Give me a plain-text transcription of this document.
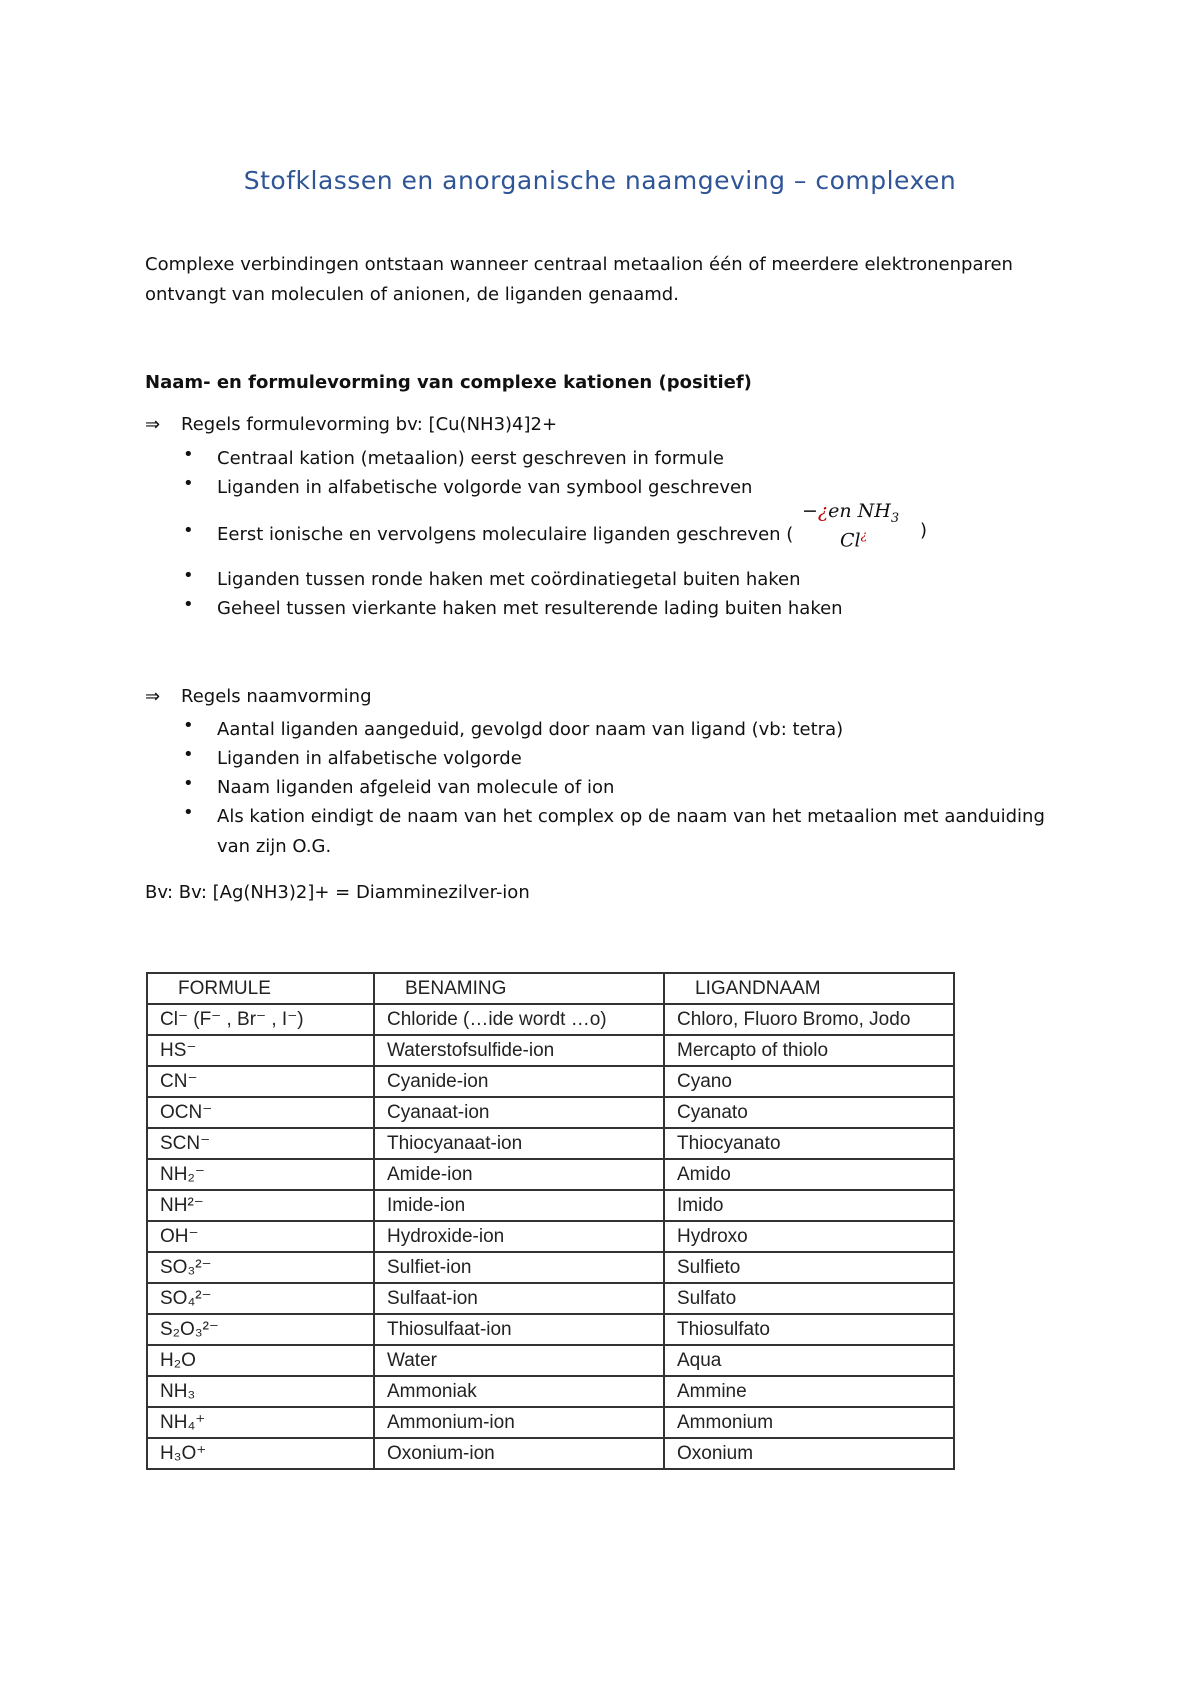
Stofklassen en anorganische naamgeving – complexen
Complexe verbindingen ontstaan wanneer centraal metaalion één of meerdere elektronenparen ontvangt van moleculen of anionen, de liganden genaamd.
Naam- en formulevorming van complexe kationen (positief)
⇒ Regels formulevorming bv: [Cu(NH3)4]2+
• Centraal kation (metaalion) eerst geschreven in formule
• Liganden in alfabetische volgorde van symbool geschreven
• Eerst ionische en vervolgens moleculaire liganden geschreven (	)
−¿en $NH_3$
Cl¿
• Liganden tussen ronde haken met coördinatiegetal buiten haken
• Geheel tussen vierkante haken met resulterende lading buiten haken
⇒ Regels naamvorming
• Aantal liganden aangeduid, gevolgd door naam van ligand (vb: tetra)
• Liganden in alfabetische volgorde
• Naam liganden afgeleid van molecule of ion
• Als kation eindigt de naam van het complex op de naam van het metaalion met aanduiding van zijn O.G.
Bv: Bv: [Ag(NH3)2]+ = Diamminezilver-ion
FORMULE	BENAMING	LIGANDNAAM
Cl⁻ (F⁻ , Br⁻ , I⁻)	Chloride (…ide wordt …o)	Chloro, Fluoro Bromo, Jodo
HS⁻	Waterstofsulfide-ion	Mercapto of thiolo
CN⁻	Cyanide-ion	Cyano
OCN⁻	Cyanaat-ion	Cyanato
SCN⁻	Thiocyanaat-ion	Thiocyanato
NH₂⁻	Amide-ion	Amido
NH²⁻	Imide-ion	Imido
OH⁻	Hydroxide-ion	Hydroxo
SO₃²⁻	Sulfiet-ion	Sulfieto
SO₄²⁻	Sulfaat-ion	Sulfato
S₂O₃²⁻	Thiosulfaat-ion	Thiosulfato
H₂O	Water	Aqua
NH₃	Ammoniak	Ammine
NH₄⁺	Ammonium-ion	Ammonium
H₃O⁺	Oxonium-ion	Oxonium
